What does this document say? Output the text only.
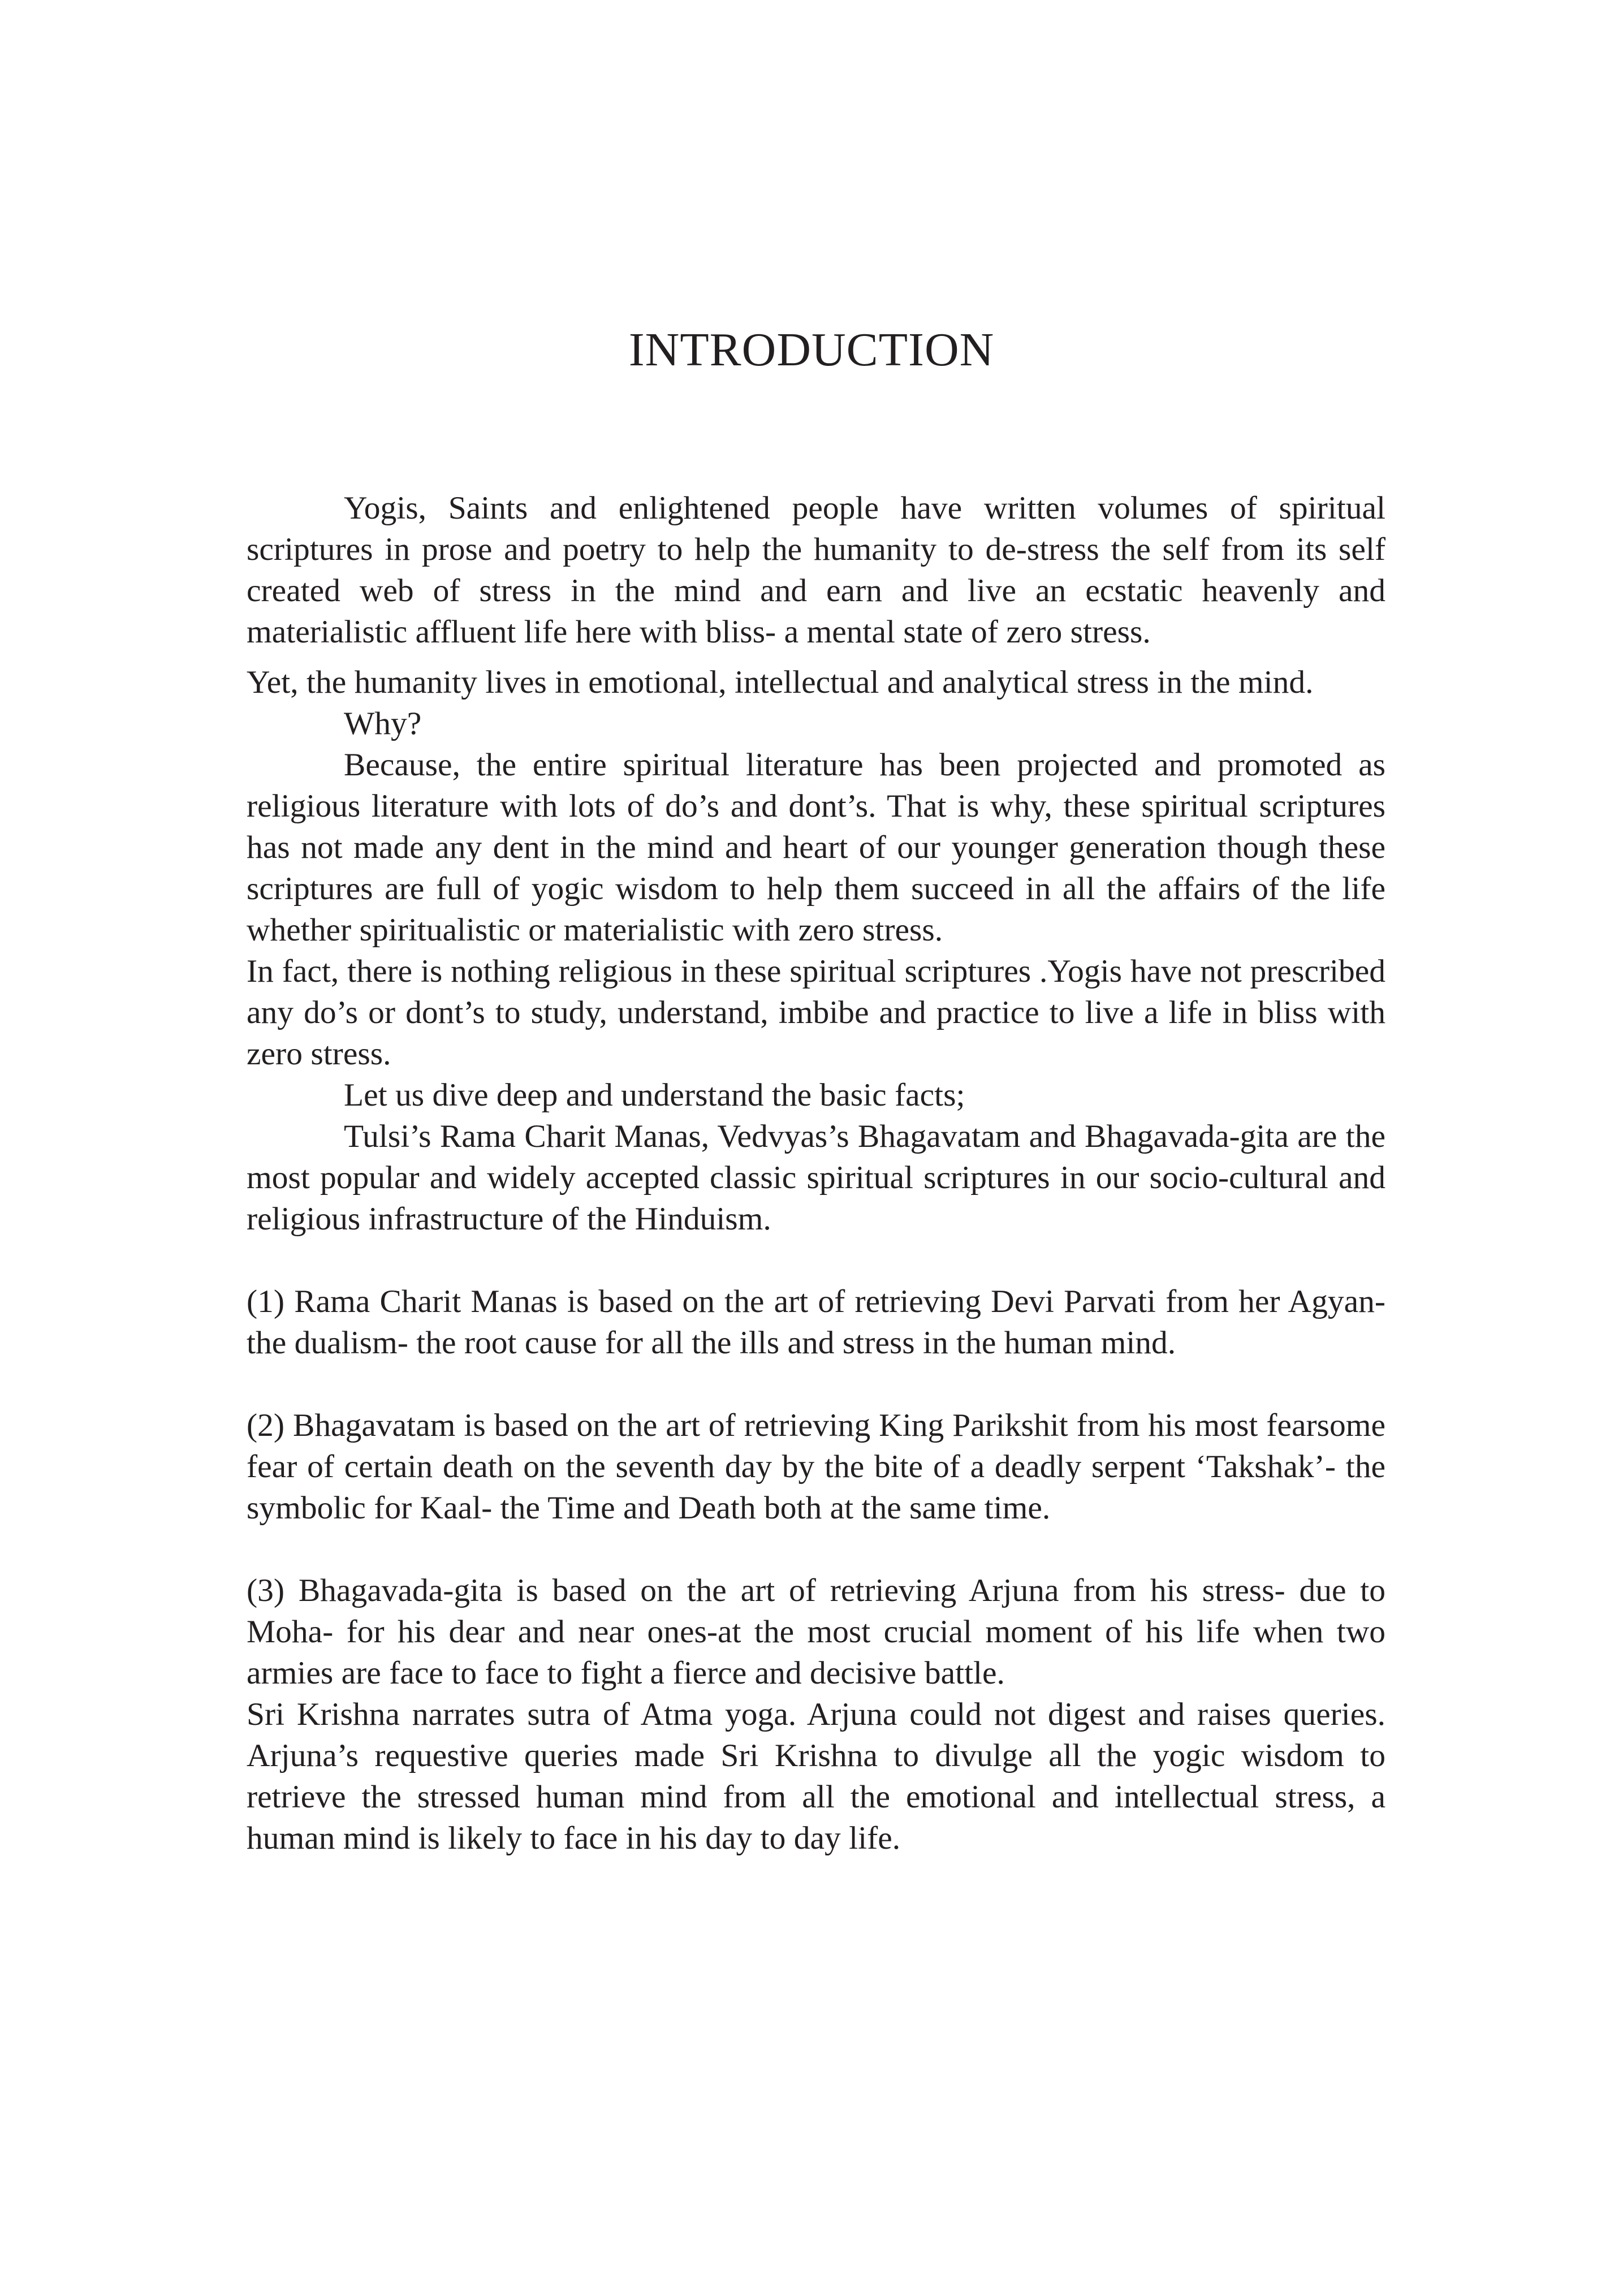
INTRODUCTION

Yogis, Saints and enlightened people have written volumes of spiritual scriptures in prose and poetry to help the humanity to de-stress the self from its self created web of stress in the mind and earn and live an ecstatic heavenly and materialistic affluent life here with bliss- a mental state of zero stress.

Yet, the humanity lives in emotional, intellectual and analytical stress in the mind.

Why?

Because, the entire spiritual literature has been projected and promoted as religious literature with lots of do’s and dont’s. That is why, these spiritual scriptures has not made any dent in the mind and heart of our younger generation though these scriptures are full of yogic wisdom to help them succeed in all the affairs of the life whether spiritualistic or materialistic with zero stress.

In fact, there is nothing religious in these spiritual scriptures .Yogis have not prescribed any do’s or dont’s to study, understand, imbibe and practice to live a life in bliss with zero stress.

Let us dive deep and understand the basic facts;

Tulsi’s Rama Charit Manas, Vedvyas’s Bhagavatam and Bhagavada-gita are the most popular and widely accepted classic spiritual scriptures in our socio-cultural and religious infrastructure of the Hinduism.

(1) Rama Charit Manas is based on the art of retrieving Devi Parvati from her Agyan- the dualism- the root cause for all the ills and stress in the human mind.

(2) Bhagavatam is based on the art of retrieving King Parikshit from his most fearsome fear of certain death on the seventh day by the bite of a deadly serpent ‘Takshak’- the symbolic for Kaal- the Time and Death both at the same time.

(3) Bhagavada-gita is based on the art of retrieving Arjuna from his stress- due to Moha- for his dear and near ones-at the most crucial moment of his life when two armies are face to face to fight a fierce and decisive battle.

Sri Krishna narrates sutra of Atma yoga. Arjuna could not digest and raises queries. Arjuna’s requestive queries made Sri Krishna to divulge all the yogic wisdom to retrieve the stressed human mind from all the emotional and intellectual stress, a human mind is likely to face in his day to day life.
